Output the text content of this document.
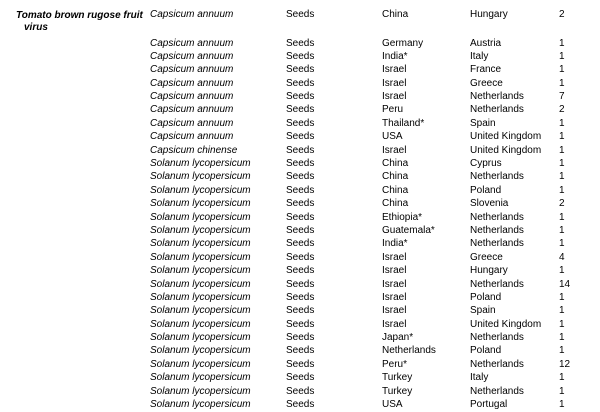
Tomato brown rugose fruit
virus	Capsicum annuum	Seeds	China	Hungary	2

	Capsicum annuum	Seeds	Germany	Austria	1
	Capsicum annuum	Seeds	India*	Italy	1
	Capsicum annuum	Seeds	Israel	France	1
	Capsicum annuum	Seeds	Israel	Greece	1
	Capsicum annuum	Seeds	Israel	Netherlands	7
	Capsicum annuum	Seeds	Peru	Netherlands	2
	Capsicum annuum	Seeds	Thailand*	Spain	1
	Capsicum annuum	Seeds	USA	United Kingdom	1
	Capsicum chinense	Seeds	Israel	United Kingdom	1
	Solanum lycopersicum	Seeds	China	Cyprus	1
	Solanum lycopersicum	Seeds	China	Netherlands	1
	Solanum lycopersicum	Seeds	China	Poland	1
	Solanum lycopersicum	Seeds	China	Slovenia	2
	Solanum lycopersicum	Seeds	Ethiopia*	Netherlands	1
	Solanum lycopersicum	Seeds	Guatemala*	Netherlands	1
	Solanum lycopersicum	Seeds	India*	Netherlands	1
	Solanum lycopersicum	Seeds	Israel	Greece	4
	Solanum lycopersicum	Seeds	Israel	Hungary	1
	Solanum lycopersicum	Seeds	Israel	Netherlands	14
	Solanum lycopersicum	Seeds	Israel	Poland	1
	Solanum lycopersicum	Seeds	Israel	Spain	1
	Solanum lycopersicum	Seeds	Israel	United Kingdom	1
	Solanum lycopersicum	Seeds	Japan*	Netherlands	1
	Solanum lycopersicum	Seeds	Netherlands	Poland	1
	Solanum lycopersicum	Seeds	Peru*	Netherlands	12
	Solanum lycopersicum	Seeds	Turkey	Italy	1
	Solanum lycopersicum	Seeds	Turkey	Netherlands	1
	Solanum lycopersicum	Seeds	USA	Portugal	1
